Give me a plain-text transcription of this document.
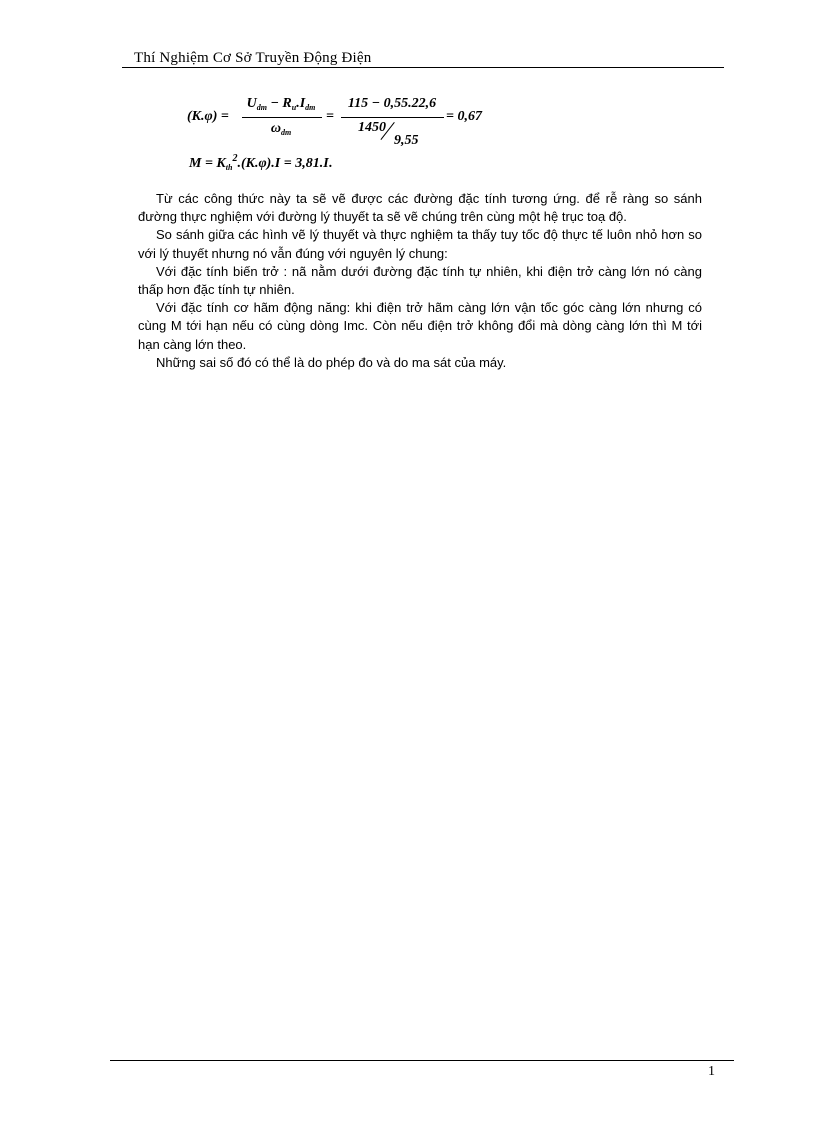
Thí Nghiệm Cơ Sở Truyền Động Điện
(K.φ) =
$U_{dm} - R_u.I_{dm}$
$\omega_{dm}$
=
115 − 0,55.22,6
1450
9,55
= 0,67
$M = K_{th}^2.(K.\varphi).I = 3,81.I$.

Từ các công thức này ta sẽ vẽ được các đường đặc tính tương ứng. để rễ ràng so sánh đường thực nghiệm với đường lý thuyết ta sẽ vẽ chúng trên cùng một hệ trục toạ độ.

So sánh giữa các hình vẽ lý thuyết và thực nghiệm ta thấy tuy tốc độ thực tế luôn nhỏ hơn so với lý thuyết nhưng nó vẫn đúng với nguyên lý chung:

Với đặc tính biến trở : nã nằm dưới đường đặc tính tự nhiên, khi điện trở càng lớn nó càng thấp hơn đặc tính tự nhiên.

Với đặc tính cơ hãm động năng: khi điện trở hãm càng lớn vận tốc góc càng lớn nhưng có cùng M tới hạn nếu có cùng dòng Imc. Còn nếu điện trở không đổi mà dòng càng lớn thì M tới hạn càng lớn theo.

Những sai số đó có thể là do phép đo và do ma sát của máy.

1
